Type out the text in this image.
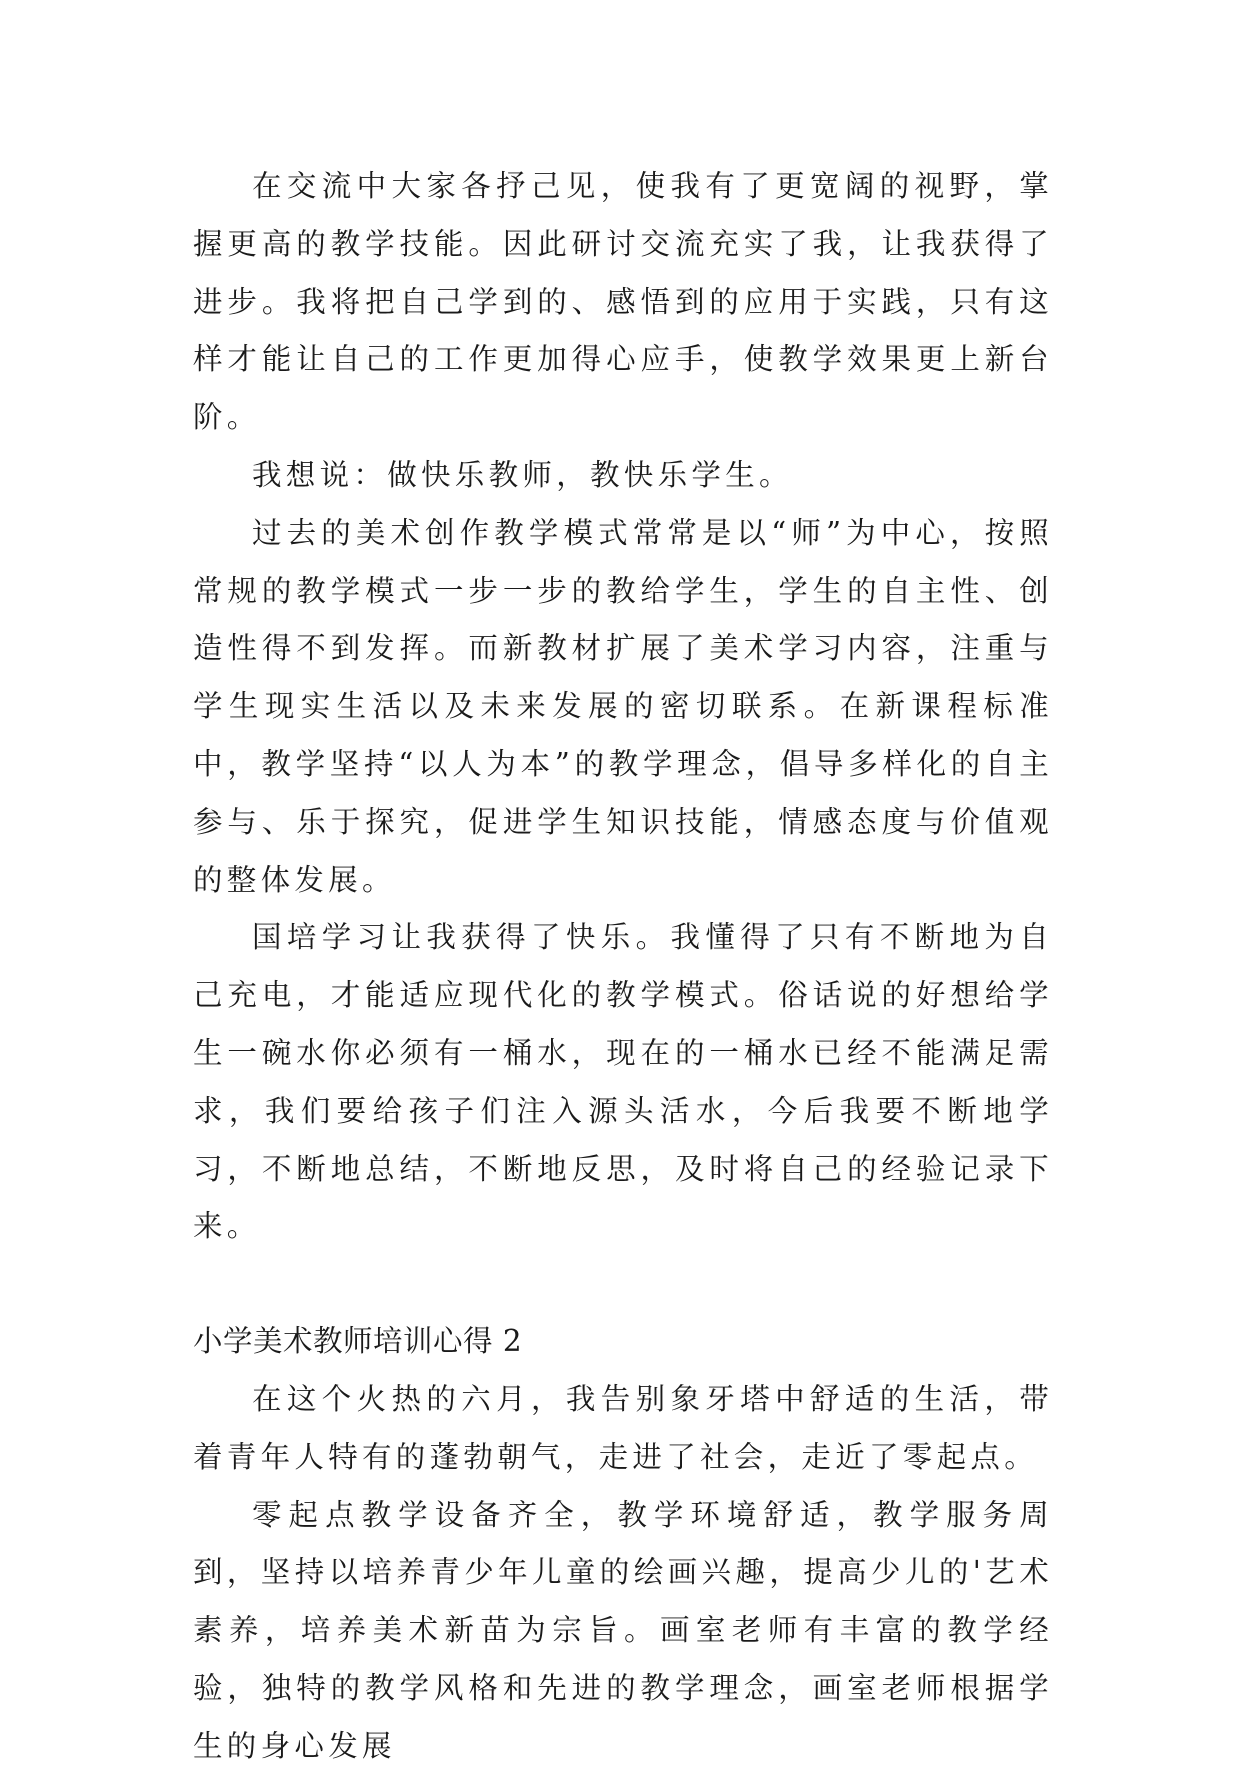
在交流中大家各抒己见，使我有了更宽阔的视野，掌握更高的教学技能。因此研讨交流充实了我，让我获得了进步。我将把自己学到的、感悟到的应用于实践，只有这样才能让自己的工作更加得心应手，使教学效果更上新台阶。

我想说：做快乐教师，教快乐学生。

过去的美术创作教学模式常常是以“师”为中心，按照常规的教学模式一步一步的教给学生，学生的自主性、创造性得不到发挥。而新教材扩展了美术学习内容，注重与学生现实生活以及未来发展的密切联系。在新课程标准中，教学坚持“以人为本”的教学理念，倡导多样化的自主参与、乐于探究，促进学生知识技能，情感态度与价值观的整体发展。

国培学习让我获得了快乐。我懂得了只有不断地为自己充电，才能适应现代化的教学模式。俗话说的好想给学生一碗水你必须有一桶水，现在的一桶水已经不能满足需求，我们要给孩子们注入源头活水，今后我要不断地学习，不断地总结，不断地反思，及时将自己的经验记录下来。

小学美术教师培训心得 2

在这个火热的六月，我告别象牙塔中舒适的生活，带着青年人特有的蓬勃朝气，走进了社会，走近了零起点。

零起点教学设备齐全，教学环境舒适，教学服务周到，坚持以培养青少年儿童的绘画兴趣，提高少儿的'艺术素养，培养美术新苗为宗旨。画室老师有丰富的教学经验，独特的教学风格和先进的教学理念，画室老师根据学生的身心发展
